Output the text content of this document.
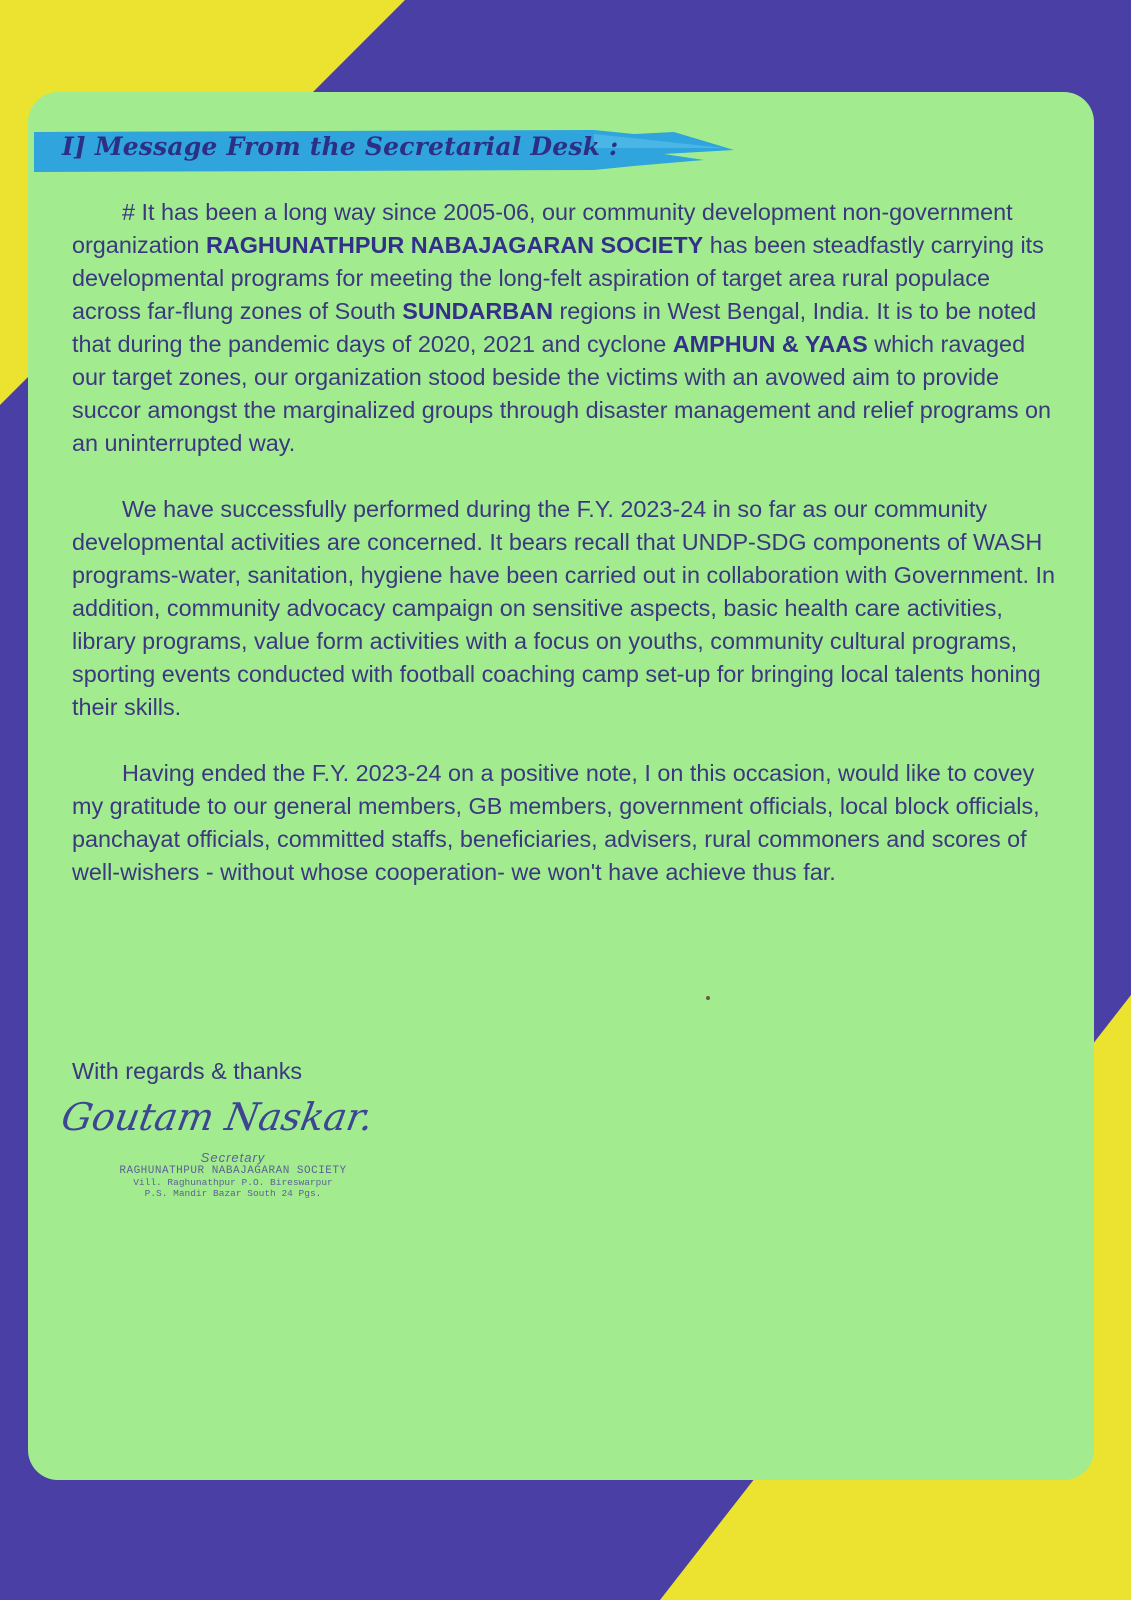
I] Message From the Secretarial Desk :

# It has been a long way since 2005-06, our community development non-government organization RAGHUNATHPUR NABAJAGARAN SOCIETY has been steadfastly carrying its developmental programs for meeting the long-felt aspiration of target area rural populace across far-flung zones of South SUNDARBAN regions in West Bengal, India. It is to be noted that during the pandemic days of 2020, 2021 and cyclone AMPHUN & YAAS which ravaged our target zones, our organization stood beside the victims with an avowed aim to provide succor amongst the marginalized groups through disaster management and relief programs on an uninterrupted way.

We have successfully performed during the F.Y. 2023-24 in so far as our community developmental activities are concerned. It bears recall that UNDP-SDG components of WASH programs-water, sanitation, hygiene have been carried out in collaboration with Government. In addition, community advocacy campaign on sensitive aspects, basic health care activities, library programs, value form activities with a focus on youths, community cultural programs, sporting events conducted with football coaching camp set-up for bringing local talents honing their skills.

Having ended the F.Y. 2023-24 on a positive note, I on this occasion, would like to covey my gratitude to our general members, GB members, government officials, local block officials, panchayat officials, committed staffs, beneficiaries, advisers, rural commoners and scores of well-wishers - without whose cooperation- we won't have achieve thus far.

With regards & thanks
Goutam Naskar.
Secretary
RAGHUNATHPUR NABAJAGARAN SOCIETY
Vill. Raghunathpur P.O. Bireswarpur
P.S. Mandir Bazar South 24 Pgs.
